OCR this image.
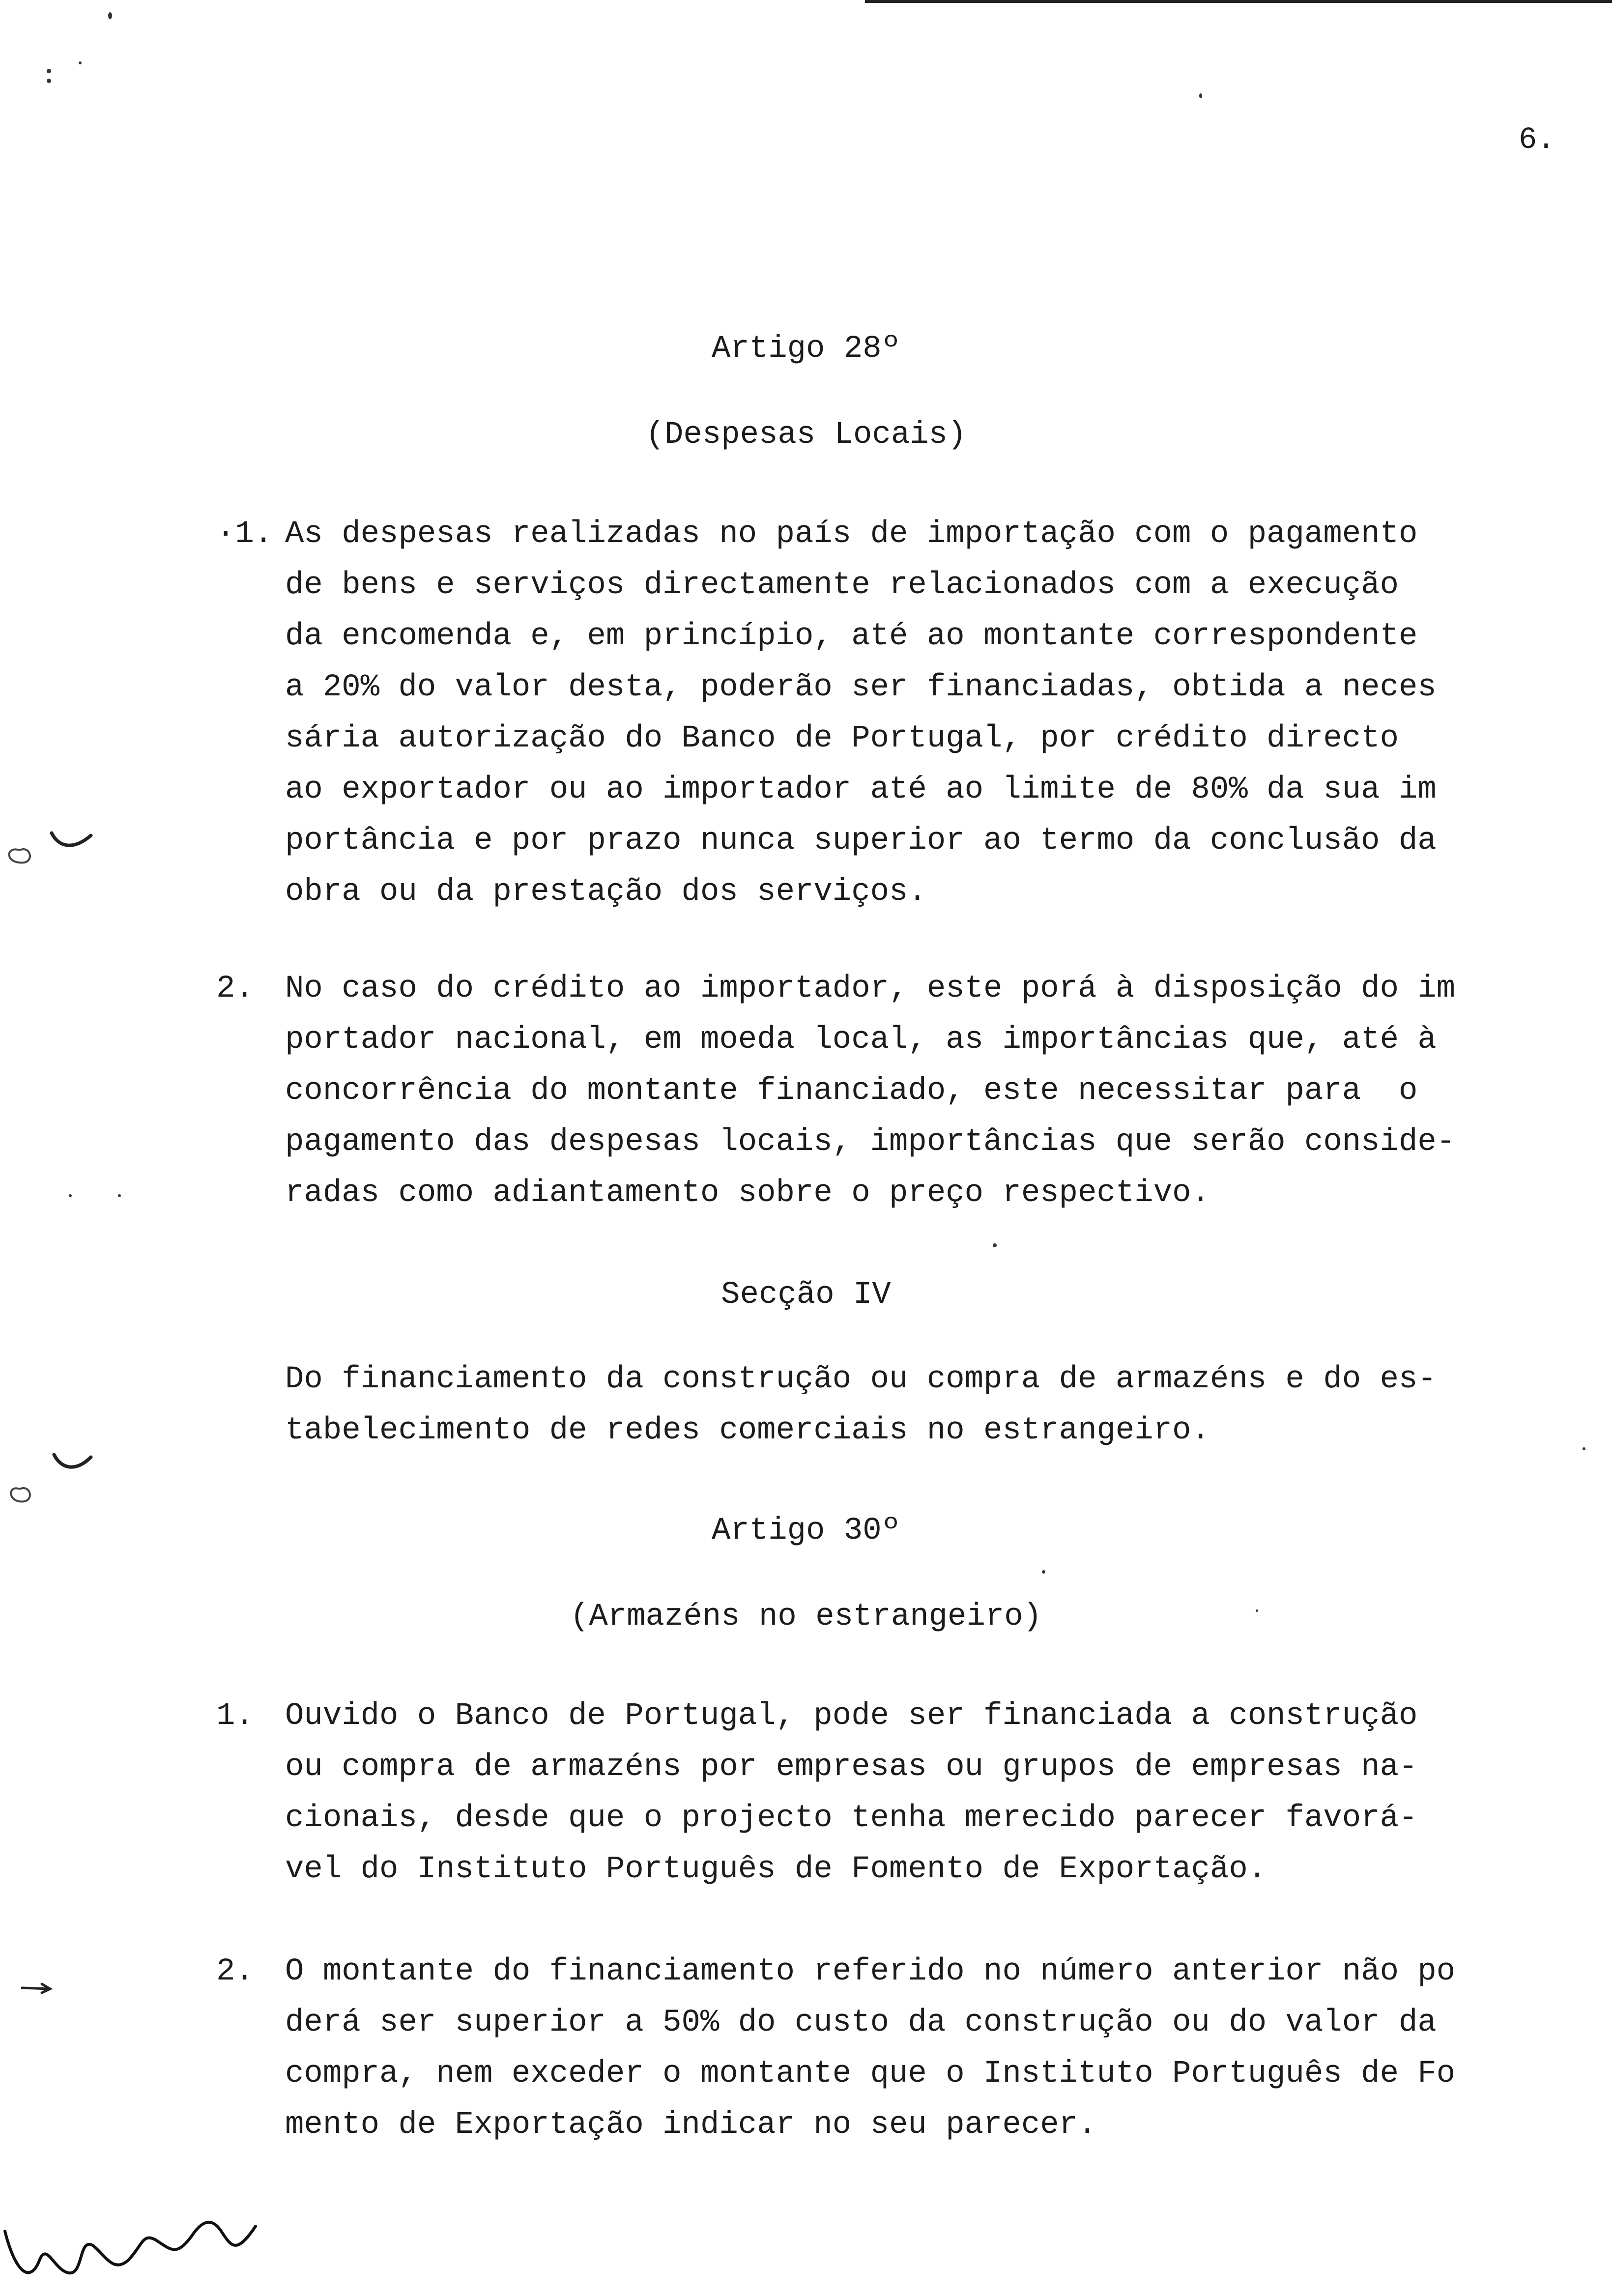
6.
Artigo 28º
(Despesas Locais)
·1. As despesas realizadas no país de importação com o pagamento
de bens e serviços directamente relacionados com a execução
da encomenda e, em princípio, até ao montante correspondente
a 20% do valor desta, poderão ser financiadas, obtida a neces
sária autorização do Banco de Portugal, por crédito directo
ao exportador ou ao importador até ao limite de 80% da sua im
portância e por prazo nunca superior ao termo da conclusão da
obra ou da prestação dos serviços.
2. No caso do crédito ao importador, este porá à disposição do im
portador nacional, em moeda local, as importâncias que, até à
concorrência do montante financiado, este necessitar para  o
pagamento das despesas locais, importâncias que serão conside-
radas como adiantamento sobre o preço respectivo.
Secção IV
Do financiamento da construção ou compra de armazéns e do es-
tabelecimento de redes comerciais no estrangeiro.
Artigo 30º
(Armazéns no estrangeiro)
1. Ouvido o Banco de Portugal, pode ser financiada a construção
ou compra de armazéns por empresas ou grupos de empresas na-
cionais, desde que o projecto tenha merecido parecer favorá-
vel do Instituto Português de Fomento de Exportação.
2. O montante do financiamento referido no número anterior não po
derá ser superior a 50% do custo da construção ou do valor da
compra, nem exceder o montante que o Instituto Português de Fo
mento de Exportação indicar no seu parecer.
